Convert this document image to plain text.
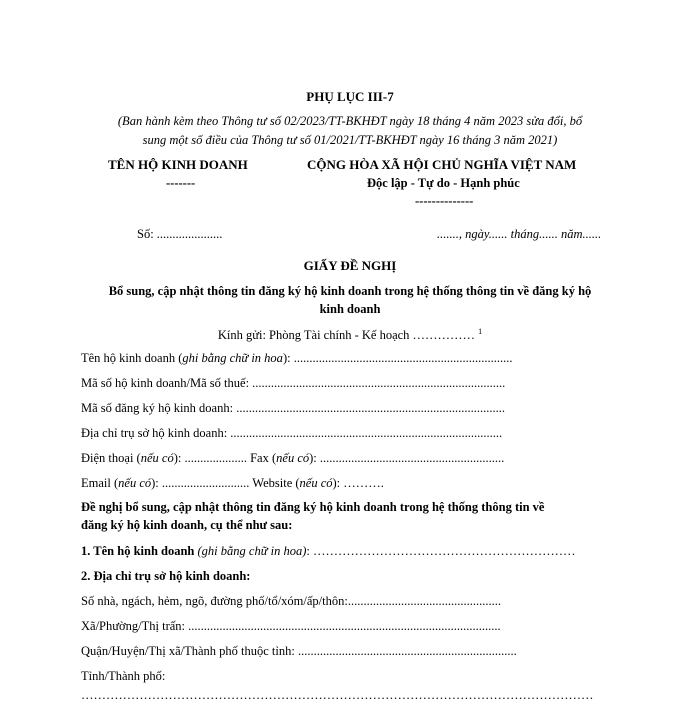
PHỤ LỤC III-7
(Ban hành kèm theo Thông tư số 02/2023/TT-BKHĐT ngày 18 tháng 4 năm 2023 sửa đổi, bổ
sung một số điều của Thông tư số 01/2021/TT-BKHĐT ngày 16 tháng 3 năm 2021)
TÊN HỘ KINH DOANH
-------
CỘNG HÒA XÃ HỘI CHỦ NGHĨA VIỆT NAM
Độc lập - Tự do - Hạnh phúc
--------------
Số: .....................	......., ngày...... tháng...... năm......
GIẤY ĐỀ NGHỊ
Bổ sung, cập nhật thông tin đăng ký hộ kinh doanh trong hệ thống thông tin về đăng ký hộ
kinh doanh
Kính gửi: Phòng Tài chính - Kế hoạch …………… $^1$
Tên hộ kinh doanh (ghi bằng chữ in hoa): ......................................................................
Mã số hộ kinh doanh/Mã số thuế: .................................................................................
Mã số đăng ký hộ kinh doanh: ......................................................................................
Địa chỉ trụ sở hộ kinh doanh: .......................................................................................
Điện thoại (nếu có): .................... Fax (nếu có): ...........................................................
Email (nếu có): ............................ Website (nếu có): ……….
Đề nghị bổ sung, cập nhật thông tin đăng ký hộ kinh doanh trong hệ thống thông tin về
đăng ký hộ kinh doanh, cụ thể như sau:
1. Tên hộ kinh doanh (ghi bằng chữ in hoa): ………………………………………………………
2. Địa chỉ trụ sở hộ kinh doanh:
Số nhà, ngách, hẻm, ngõ, đường phố/tổ/xóm/ấp/thôn:.................................................
Xã/Phường/Thị trấn: ....................................................................................................
Quận/Huyện/Thị xã/Thành phố thuộc tỉnh: ......................................................................
Tỉnh/Thành phố:
……………………………………………………………………………………………………………
